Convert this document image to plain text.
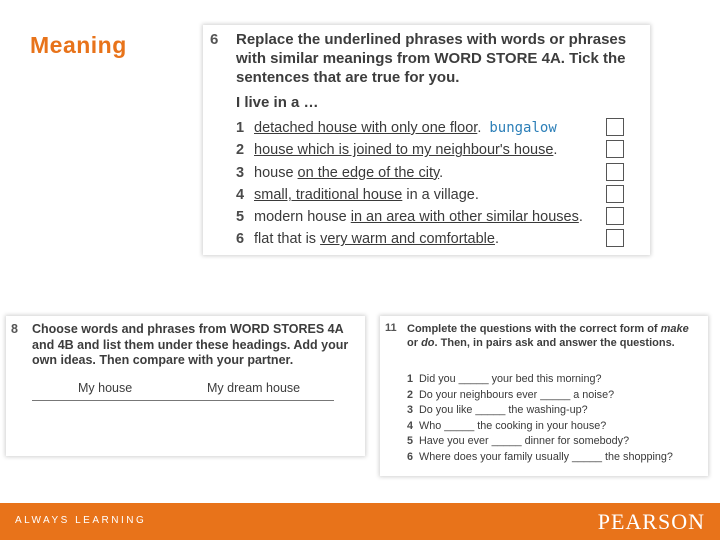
Meaning	6 Replace the underlined phrases with words or phrases with similar meanings from WORD STORE 4A. Tick the sentences that are true for you.
I live in a …
1 detached house with only one floor. bungalow
2 house which is joined to my neighbour's house.
3 house on the edge of the city.
4 small, traditional house in a village.
5 modern house in an area with other similar houses.
6 flat that is very warm and comfortable.
8 Choose words and phrases from WORD STORES 4A and 4B and list them under these headings. Add your own ideas. Then compare with your partner.
My house	My dream house
11 Complete the questions with the correct form of make or do. Then, in pairs ask and answer the questions.
1 Did you _____ your bed this morning?
2 Do your neighbours ever _____ a noise?
3 Do you like _____ the washing-up?
4 Who _____ the cooking in your house?
5 Have you ever _____ dinner for somebody?
6 Where does your family usually _____ the shopping?
ALWAYS LEARNING	PEARSON
